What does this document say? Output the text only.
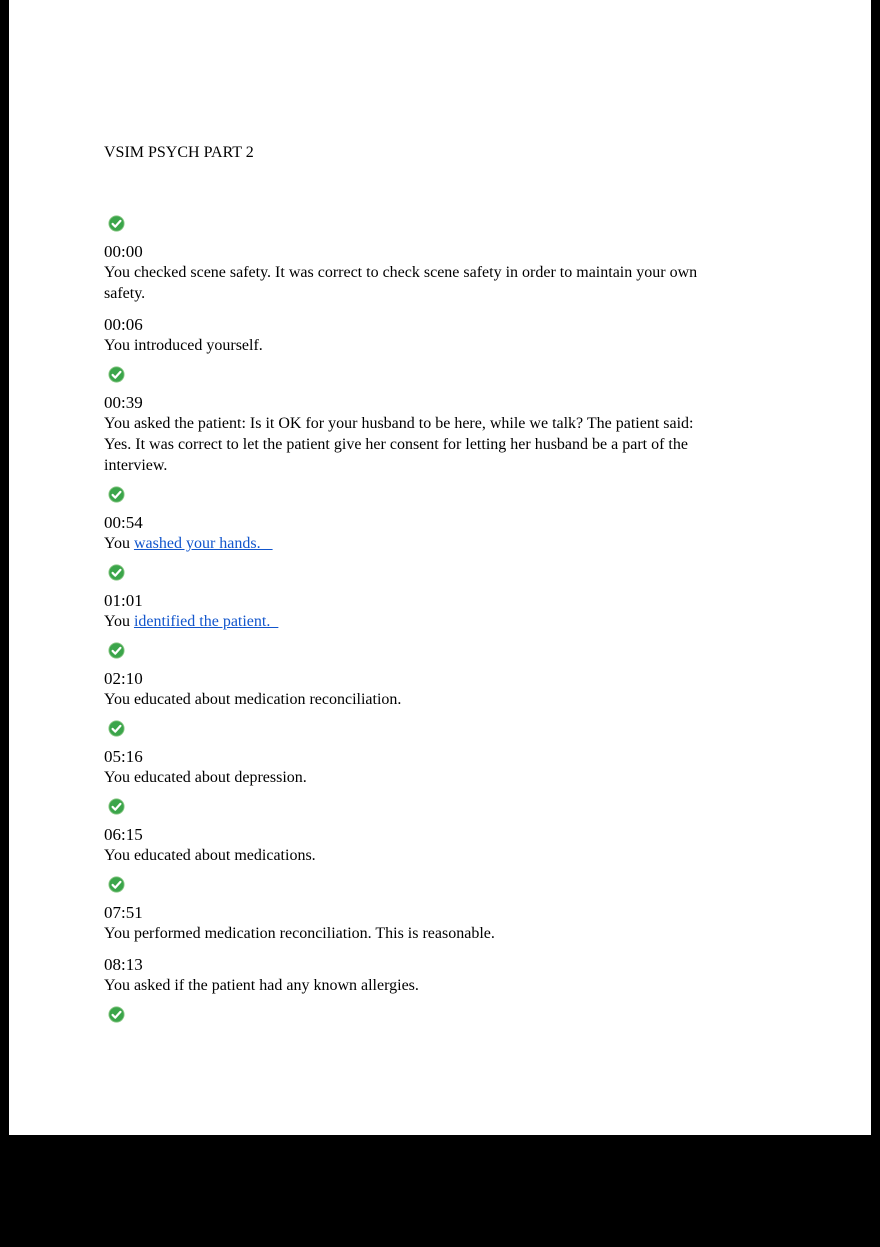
VSIM PSYCH PART 2
00:00
You checked scene safety. It was correct to check scene safety in order to maintain your own safety.
00:06
You introduced yourself.
00:39
You asked the patient: Is it OK for your husband to be here, while we talk? The patient said: Yes. It was correct to let the patient give her consent for letting her husband be a part of the interview.
00:54
You washed your hands.
01:01
You identified the patient.
02:10
You educated about medication reconciliation.
05:16
You educated about depression.
06:15
You educated about medications.
07:51
You performed medication reconciliation. This is reasonable.
08:13
You asked if the patient had any known allergies.
